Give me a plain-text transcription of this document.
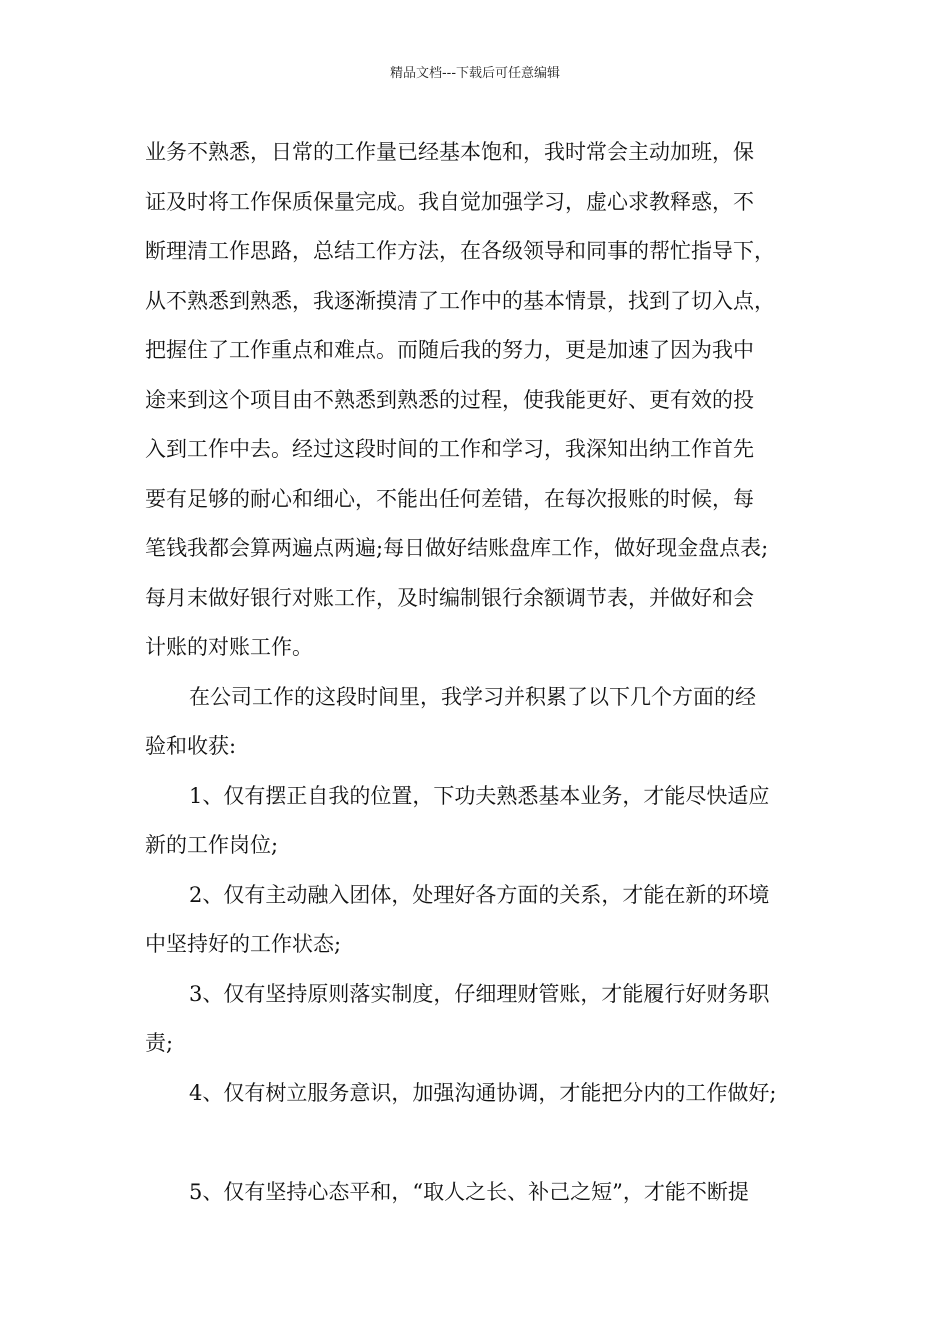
精品文档---下载后可任意编辑
业务不熟悉，日常的工作量已经基本饱和，我时常会主动加班，保
证及时将工作保质保量完成。我自觉加强学习，虚心求教释惑，不
断理清工作思路，总结工作方法，在各级领导和同事的帮忙指导下，
从不熟悉到熟悉，我逐渐摸清了工作中的基本情景，找到了切入点，
把握住了工作重点和难点。而随后我的努力，更是加速了因为我中
途来到这个项目由不熟悉到熟悉的过程，使我能更好、更有效的投
入到工作中去。经过这段时间的工作和学习，我深知出纳工作首先
要有足够的耐心和细心，不能出任何差错，在每次报账的时候，每
笔钱我都会算两遍点两遍;每日做好结账盘库工作，做好现金盘点表;
每月末做好银行对账工作，及时编制银行余额调节表，并做好和会
计账的对账工作。
在公司工作的这段时间里，我学习并积累了以下几个方面的经
验和收获:
1、仅有摆正自我的位置，下功夫熟悉基本业务，才能尽快适应
新的工作岗位;
2、仅有主动融入团体，处理好各方面的关系，才能在新的环境
中坚持好的工作状态;
3、仅有坚持原则落实制度，仔细理财管账，才能履行好财务职
责;
4、仅有树立服务意识，加强沟通协调，才能把分内的工作做好;
5、仅有坚持心态平和，“取人之长、补己之短”，才能不断提
